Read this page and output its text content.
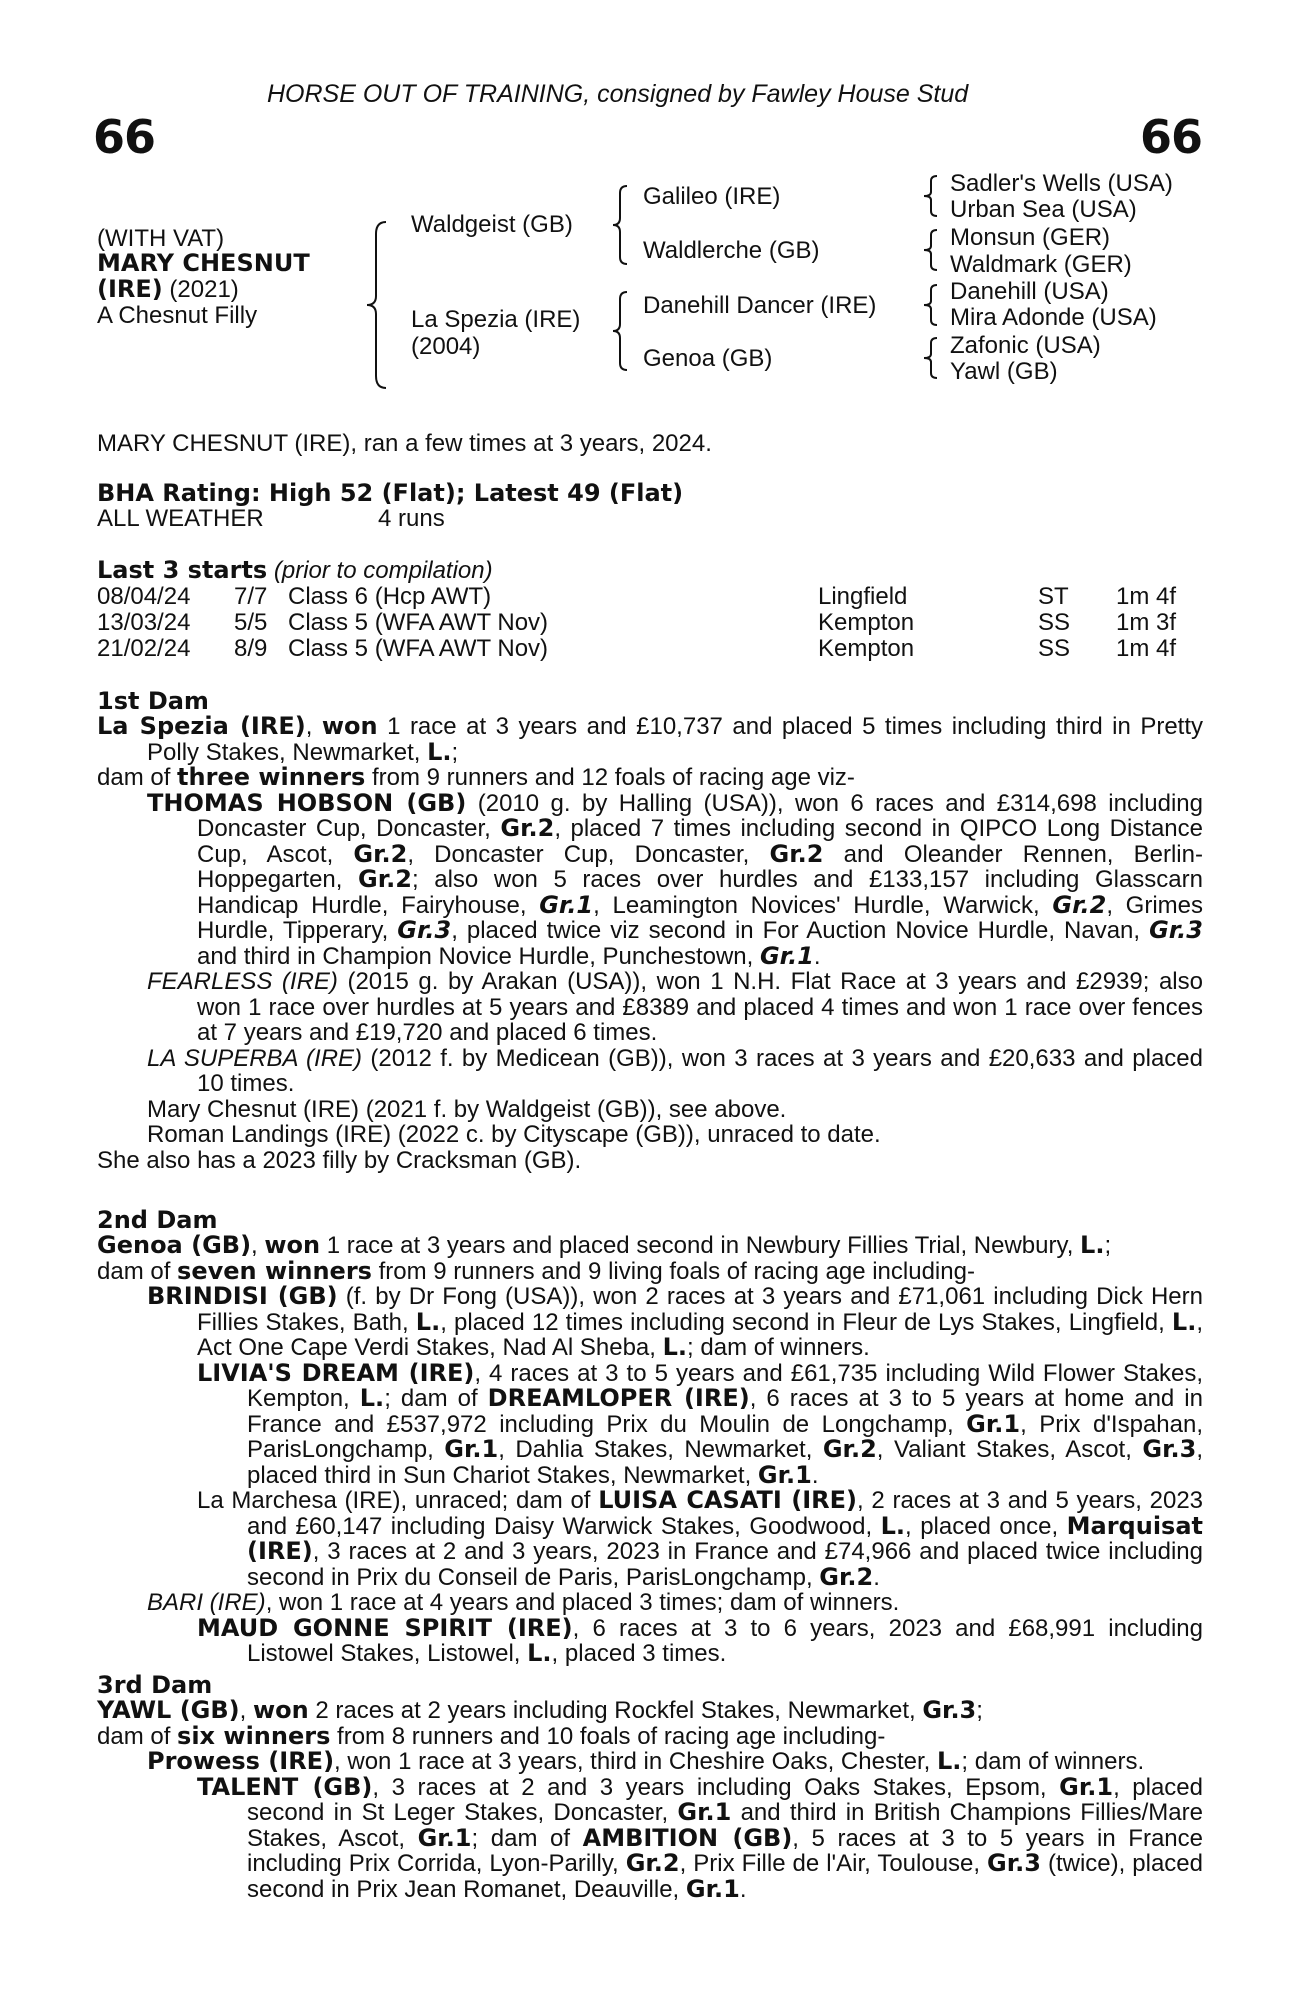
HORSE OUT OF TRAINING, consigned by Fawley House Stud
66	66
(WITH VAT)
MARY CHESNUT
(IRE) (2021)
A Chesnut Filly
Waldgeist (GB)
La Spezia (IRE)
(2004)
Galileo (IRE)
Waldlerche (GB)
Danehill Dancer (IRE)
Genoa (GB)
Sadler's Wells (USA)
Urban Sea (USA)
Monsun (GER)
Waldmark (GER)
Danehill (USA)
Mira Adonde (USA)
Zafonic (USA)
Yawl (GB)
MARY CHESNUT (IRE), ran a few times at 3 years, 2024.
BHA Rating: High 52 (Flat); Latest 49 (Flat)
ALL WEATHER	4 runs
Last 3 starts (prior to compilation)
08/04/24 7/7 Class 6 (Hcp AWT)	Lingfield	ST 1m 4f
13/03/24 5/5 Class 5 (WFA AWT Nov)	Kempton	SS 1m 3f
21/02/24 8/9 Class 5 (WFA AWT Nov)	Kempton	SS 1m 4f
1st Dam
La Spezia (IRE), won 1 race at 3 years and £10,737 and placed 5 times including third in Pretty Polly Stakes, Newmarket, L.;
dam of three winners from 9 runners and 12 foals of racing age viz-
THOMAS HOBSON (GB) (2010 g. by Halling (USA)), won 6 races and £314,698 including Doncaster Cup, Doncaster, Gr.2, placed 7 times including second in QIPCO Long Distance Cup, Ascot, Gr.2, Doncaster Cup, Doncaster, Gr.2 and Oleander Rennen, Berlin-Hoppegarten, Gr.2; also won 5 races over hurdles and £133,157 including Glasscarn Handicap Hurdle, Fairyhouse, Gr.1, Leamington Novices' Hurdle, Warwick, Gr.2, Grimes Hurdle, Tipperary, Gr.3, placed twice viz second in For Auction Novice Hurdle, Navan, Gr.3 and third in Champion Novice Hurdle, Punchestown, Gr.1.
FEARLESS (IRE) (2015 g. by Arakan (USA)), won 1 N.H. Flat Race at 3 years and £2939; also won 1 race over hurdles at 5 years and £8389 and placed 4 times and won 1 race over fences at 7 years and £19,720 and placed 6 times.
LA SUPERBA (IRE) (2012 f. by Medicean (GB)), won 3 races at 3 years and £20,633 and placed 10 times.
Mary Chesnut (IRE) (2021 f. by Waldgeist (GB)), see above.
Roman Landings (IRE) (2022 c. by Cityscape (GB)), unraced to date.
She also has a 2023 filly by Cracksman (GB).
2nd Dam
Genoa (GB), won 1 race at 3 years and placed second in Newbury Fillies Trial, Newbury, L.;
dam of seven winners from 9 runners and 9 living foals of racing age including-
BRINDISI (GB) (f. by Dr Fong (USA)), won 2 races at 3 years and £71,061 including Dick Hern Fillies Stakes, Bath, L., placed 12 times including second in Fleur de Lys Stakes, Lingfield, L., Act One Cape Verdi Stakes, Nad Al Sheba, L.; dam of winners.
LIVIA'S DREAM (IRE), 4 races at 3 to 5 years and £61,735 including Wild Flower Stakes, Kempton, L.; dam of DREAMLOPER (IRE), 6 races at 3 to 5 years at home and in France and £537,972 including Prix du Moulin de Longchamp, Gr.1, Prix d'Ispahan, ParisLongchamp, Gr.1, Dahlia Stakes, Newmarket, Gr.2, Valiant Stakes, Ascot, Gr.3, placed third in Sun Chariot Stakes, Newmarket, Gr.1.
La Marchesa (IRE), unraced; dam of LUISA CASATI (IRE), 2 races at 3 and 5 years, 2023 and £60,147 including Daisy Warwick Stakes, Goodwood, L., placed once, Marquisat (IRE), 3 races at 2 and 3 years, 2023 in France and £74,966 and placed twice including second in Prix du Conseil de Paris, ParisLongchamp, Gr.2.
BARI (IRE), won 1 race at 4 years and placed 3 times; dam of winners.
MAUD GONNE SPIRIT (IRE), 6 races at 3 to 6 years, 2023 and £68,991 including Listowel Stakes, Listowel, L., placed 3 times.
3rd Dam
YAWL (GB), won 2 races at 2 years including Rockfel Stakes, Newmarket, Gr.3;
dam of six winners from 8 runners and 10 foals of racing age including-
Prowess (IRE), won 1 race at 3 years, third in Cheshire Oaks, Chester, L.; dam of winners.
TALENT (GB), 3 races at 2 and 3 years including Oaks Stakes, Epsom, Gr.1, placed second in St Leger Stakes, Doncaster, Gr.1 and third in British Champions Fillies/Mare Stakes, Ascot, Gr.1; dam of AMBITION (GB), 5 races at 3 to 5 years in France including Prix Corrida, Lyon-Parilly, Gr.2, Prix Fille de l'Air, Toulouse, Gr.3 (twice), placed second in Prix Jean Romanet, Deauville, Gr.1.
